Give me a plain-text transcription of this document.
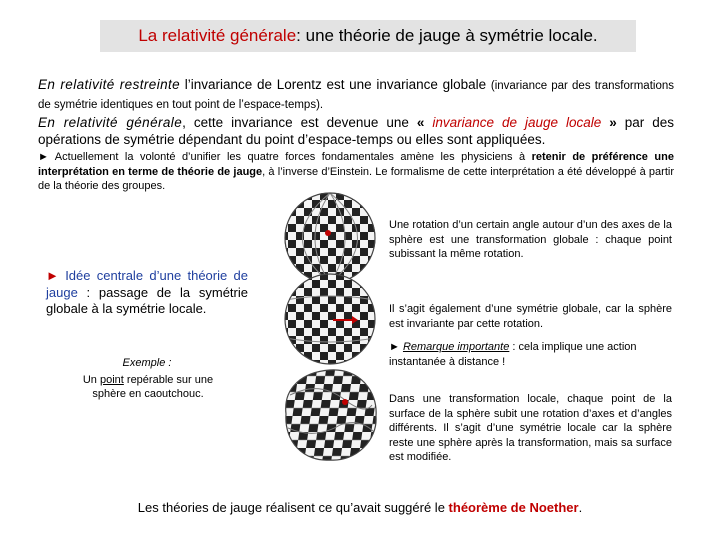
La relativité générale : une théorie de jauge à symétrie locale.
En relativité restreinte l’invariance de Lorentz est une invariance globale (invariance par des transformations de symétrie identiques en tout point de l’espace-temps).
En relativité générale, cette invariance est devenue une « invariance de jauge locale » par des opérations de symétrie dépendant du point d’espace-temps ou elles sont appliquées.
► Actuellement la volonté d’unifier les quatre forces fondamentales amène les physiciens à retenir de préférence une interprétation en terme de théorie de jauge, à l’inverse d’Einstein. Le formalisme de cette interprétation a été développé à partir de la théorie des groupes.
Une rotation d’un certain angle autour d’un des axes de la sphère est une transformation globale : chaque point subissant la même rotation.
Il s’agit également d’une symétrie globale, car la sphère est invariante par cette rotation.
► Remarque importante : cela implique une action instantanée à distance !
Dans une transformation locale, chaque point de la surface de la sphère subit une rotation d’axes et d’angles différents. Il s’agit d’une symétrie locale car la sphère reste une sphère après la transformation, mais sa surface est modifiée.
► Idée centrale d’une théorie de jauge : passage de la symétrie globale à la symétrie locale.
Exemple :
Un point repérable sur une sphère en caoutchouc.
Les théories de jauge réalisent ce qu’avait suggéré le théorème de Noether.
